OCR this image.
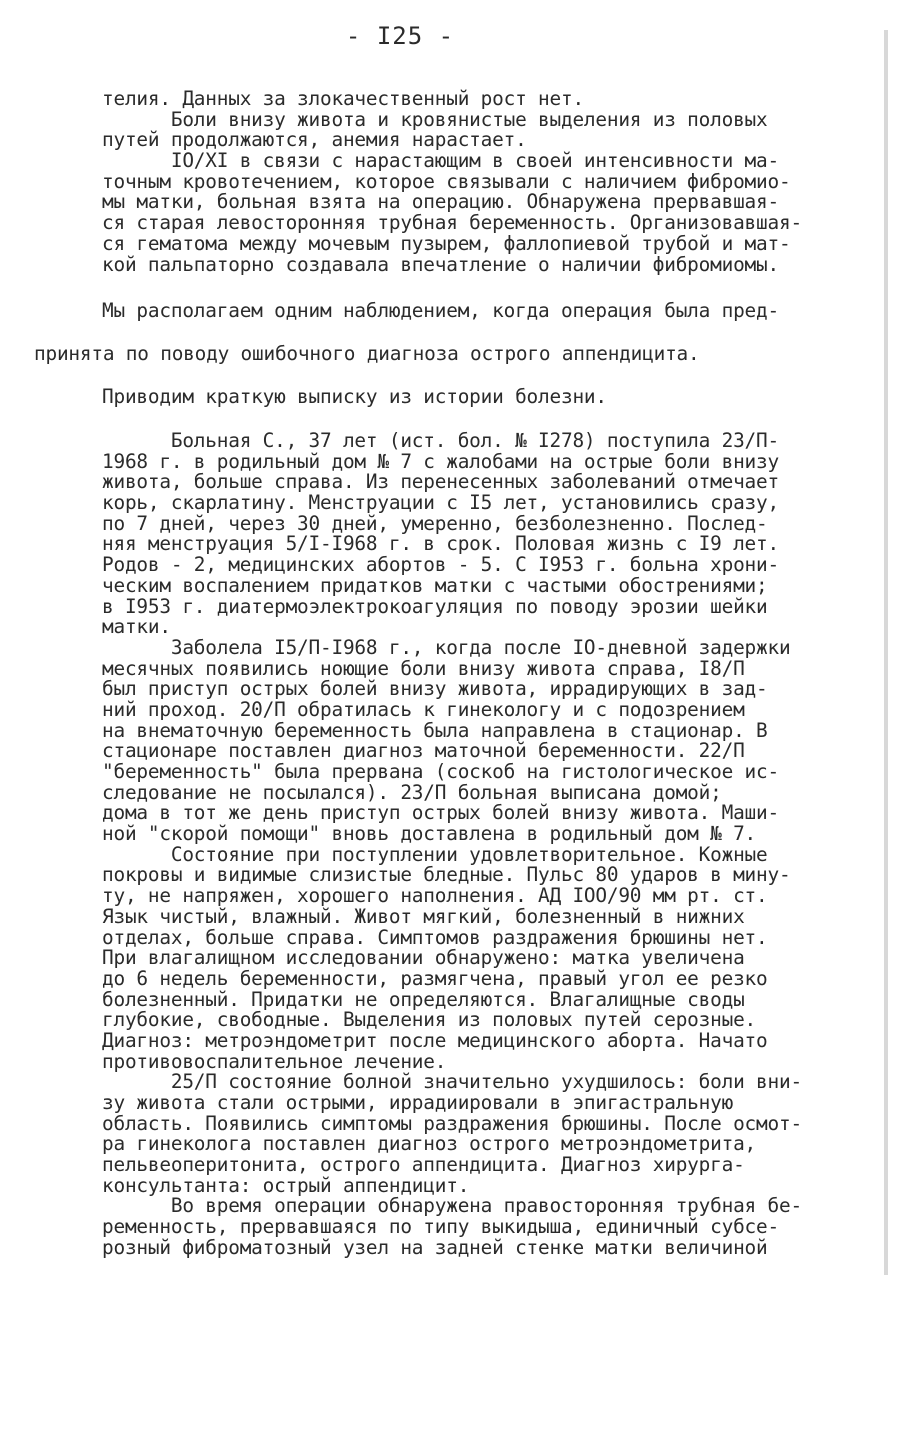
- I25 -
телия. Данных за злокачественный рост нет.
Боли внизу живота и кровянистые выделения из половых
путей продолжаются, анемия нарастает.
IO/XI в связи с нарастающим в своей интенсивности ма-
точным кровотечением, которое связывали с наличием фибромио-
мы матки, больная взята на операцию. Обнаружена прервавшая-
ся старая левосторонняя трубная беременность. Организовавшая-
ся гематома между мочевым пузырем, фаллопиевой трубой и мат-
кой пальпаторно создавала впечатление о наличии фибромиомы.
Мы располагаем одним наблюдением, когда операция была пред-
принята по поводу ошибочного диагноза острого аппендицита.
Приводим краткую выписку из истории болезни.
Больная С., 37 лет (ист. бол. № I278) поступила 23/П-
1968 г. в родильный дом № 7 с жалобами на острые боли внизу
живота, больше справа. Из перенесенных заболеваний отмечает
корь, скарлатину. Менструации с I5 лет, установились сразу,
по 7 дней, через 30 дней, умеренно, безболезненно. Послед-
няя менструация 5/I-I968 г. в срок. Половая жизнь с I9 лет.
Родов - 2, медицинских абортов - 5. С I953 г. больна хрони-
ческим воспалением придатков матки с частыми обострениями;
в I953 г. диатермоэлектрокоагуляция по поводу эрозии шейки
матки.
Заболела I5/П-I968 г., когда после IO-дневной задержки
месячных появились ноющие боли внизу живота справа, I8/П
был приступ острых болей внизу живота, иррадирующих в зад-
ний проход. 20/П обратилась к гинекологу и с подозрением
на внематочную беременность была направлена в стационар. В
стационаре поставлен диагноз маточной беременности. 22/П
"беременность" была прервана (соскоб на гистологическое ис-
следование не посылался). 23/П больная выписана домой;
дома в тот же день приступ острых болей внизу живота. Маши-
ной "скорой помощи" вновь доставлена в родильный дом № 7.
Состояние при поступлении удовлетворительное. Кожные
покровы и видимые слизистые бледные. Пульс 80 ударов в мину-
ту, не напряжен, хорошего наполнения. АД IOO/90 мм рт. ст.
Язык чистый, влажный. Живот мягкий, болезненный в нижних
отделах, больше справа. Симптомов раздражения брюшины нет.
При влагалищном исследовании обнаружено: матка увеличена
до 6 недель беременности, размягчена, правый угол ее резко
болезненный. Придатки не определяются. Влагалищные своды
глубокие, свободные. Выделения из половых путей серозные.
Диагноз: метроэндометрит после медицинского аборта. Начато
противовоспалительное лечение.
25/П состояние болной значительно ухудшилось: боли вни-
зу живота стали острыми, иррадиировали в эпигастральную
область. Появились симптомы раздражения брюшины. После осмот-
ра гинеколога поставлен диагноз острого метроэндометрита,
пельвеоперитонита, острого аппендицита. Диагноз хирурга-
консультанта: острый аппендицит.
Во время операции обнаружена правосторонняя трубная бе-
ременность, прервавшаяся по типу выкидыша, единичный субсе-
розный фиброматозный узел на задней стенке матки величиной
